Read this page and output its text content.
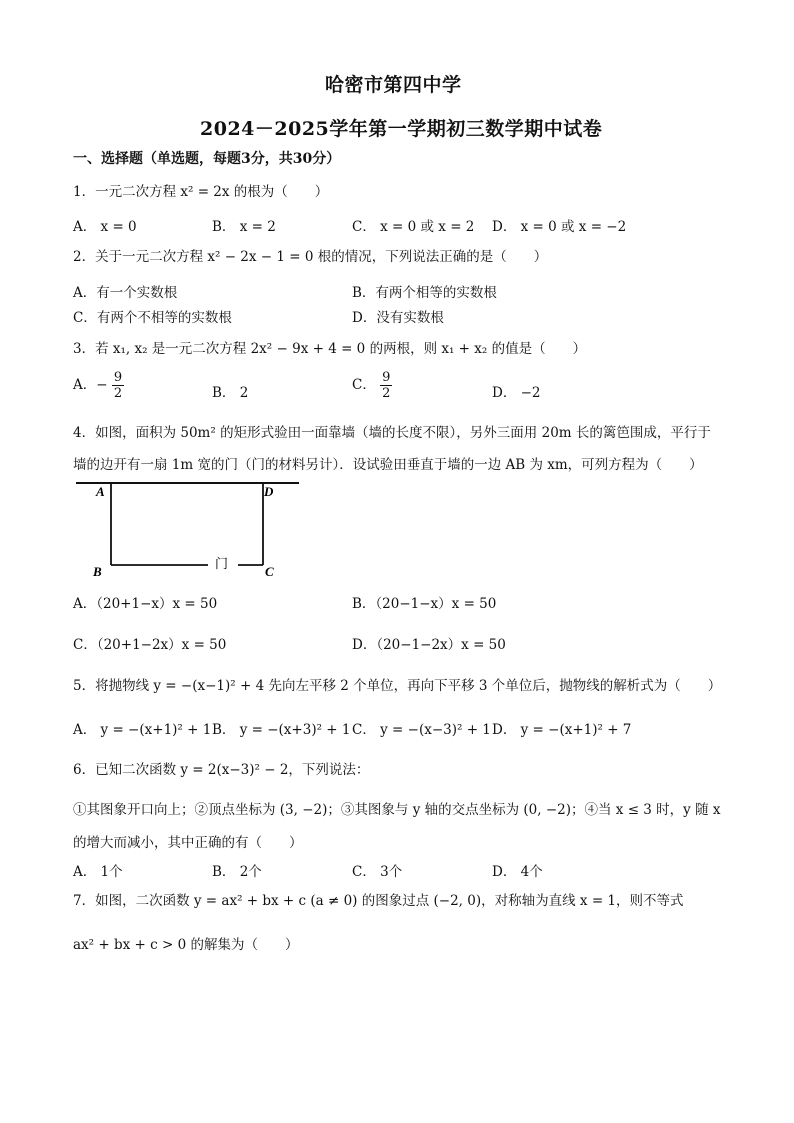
哈密市第四中学
2024－2025学年第一学期初三数学期中试卷
一、选择题（单选题，每题3分，共30分）
1．一元二次方程 x² = 2x 的根为（　　）
A． x = 0	B． x = 2	C． x = 0 或 x = 2 D． x = 0 或 x = −2
2．关于一元二次方程 x² − 2x − 1 = 0 根的情况，下列说法正确的是（　　）
A．有一个实数根	B．有两个相等的实数根
C．有两个不相等的实数根	D．没有实数根
3．若 x₁, x₂ 是一元二次方程 2x² − 9x + 4 = 0 的两根，则 x₁ + x₂ 的值是（　　）
A．− $\frac{9}{2}$	B． 2	C． $\frac{9}{2}$	D． −2
4．如图，面积为 50m² 的矩形式验田一面靠墙（墙的长度不限），另外三面用 20m 长的篱笆围成，平行于
墙的边开有一扇 1m 宽的门（门的材料另计）．设试验田垂直于墙的一边 AB 为 xm，可列方程为（　　）
A	D
B	C
门
A．（20+1−x）x = 50	B．（20−1−x）x = 50
C．（20+1−2x）x = 50	D．（20−1−2x）x = 50
5．将抛物线 y = −(x−1)² + 4 先向左平移 2 个单位，再向下平移 3 个单位后，抛物线的解析式为（　　）
A． y = −(x+1)² + 1 B． y = −(x+3)² + 1 C． y = −(x−3)² + 1 D． y = −(x+1)² + 7
6．已知二次函数 y = 2(x−3)² − 2，下列说法：
①其图象开口向上；②顶点坐标为 (3, −2)；③其图象与 y 轴的交点坐标为 (0, −2)；④当 x ≤ 3 时，y 随 x
的增大而减小，其中正确的有（　　）
A． 1个	B． 2个	C． 3个	D． 4个
7．如图，二次函数 y = ax² + bx + c (a ≠ 0) 的图象过点 (−2, 0)，对称轴为直线 x = 1，则不等式
ax² + bx + c > 0 的解集为（　　）
